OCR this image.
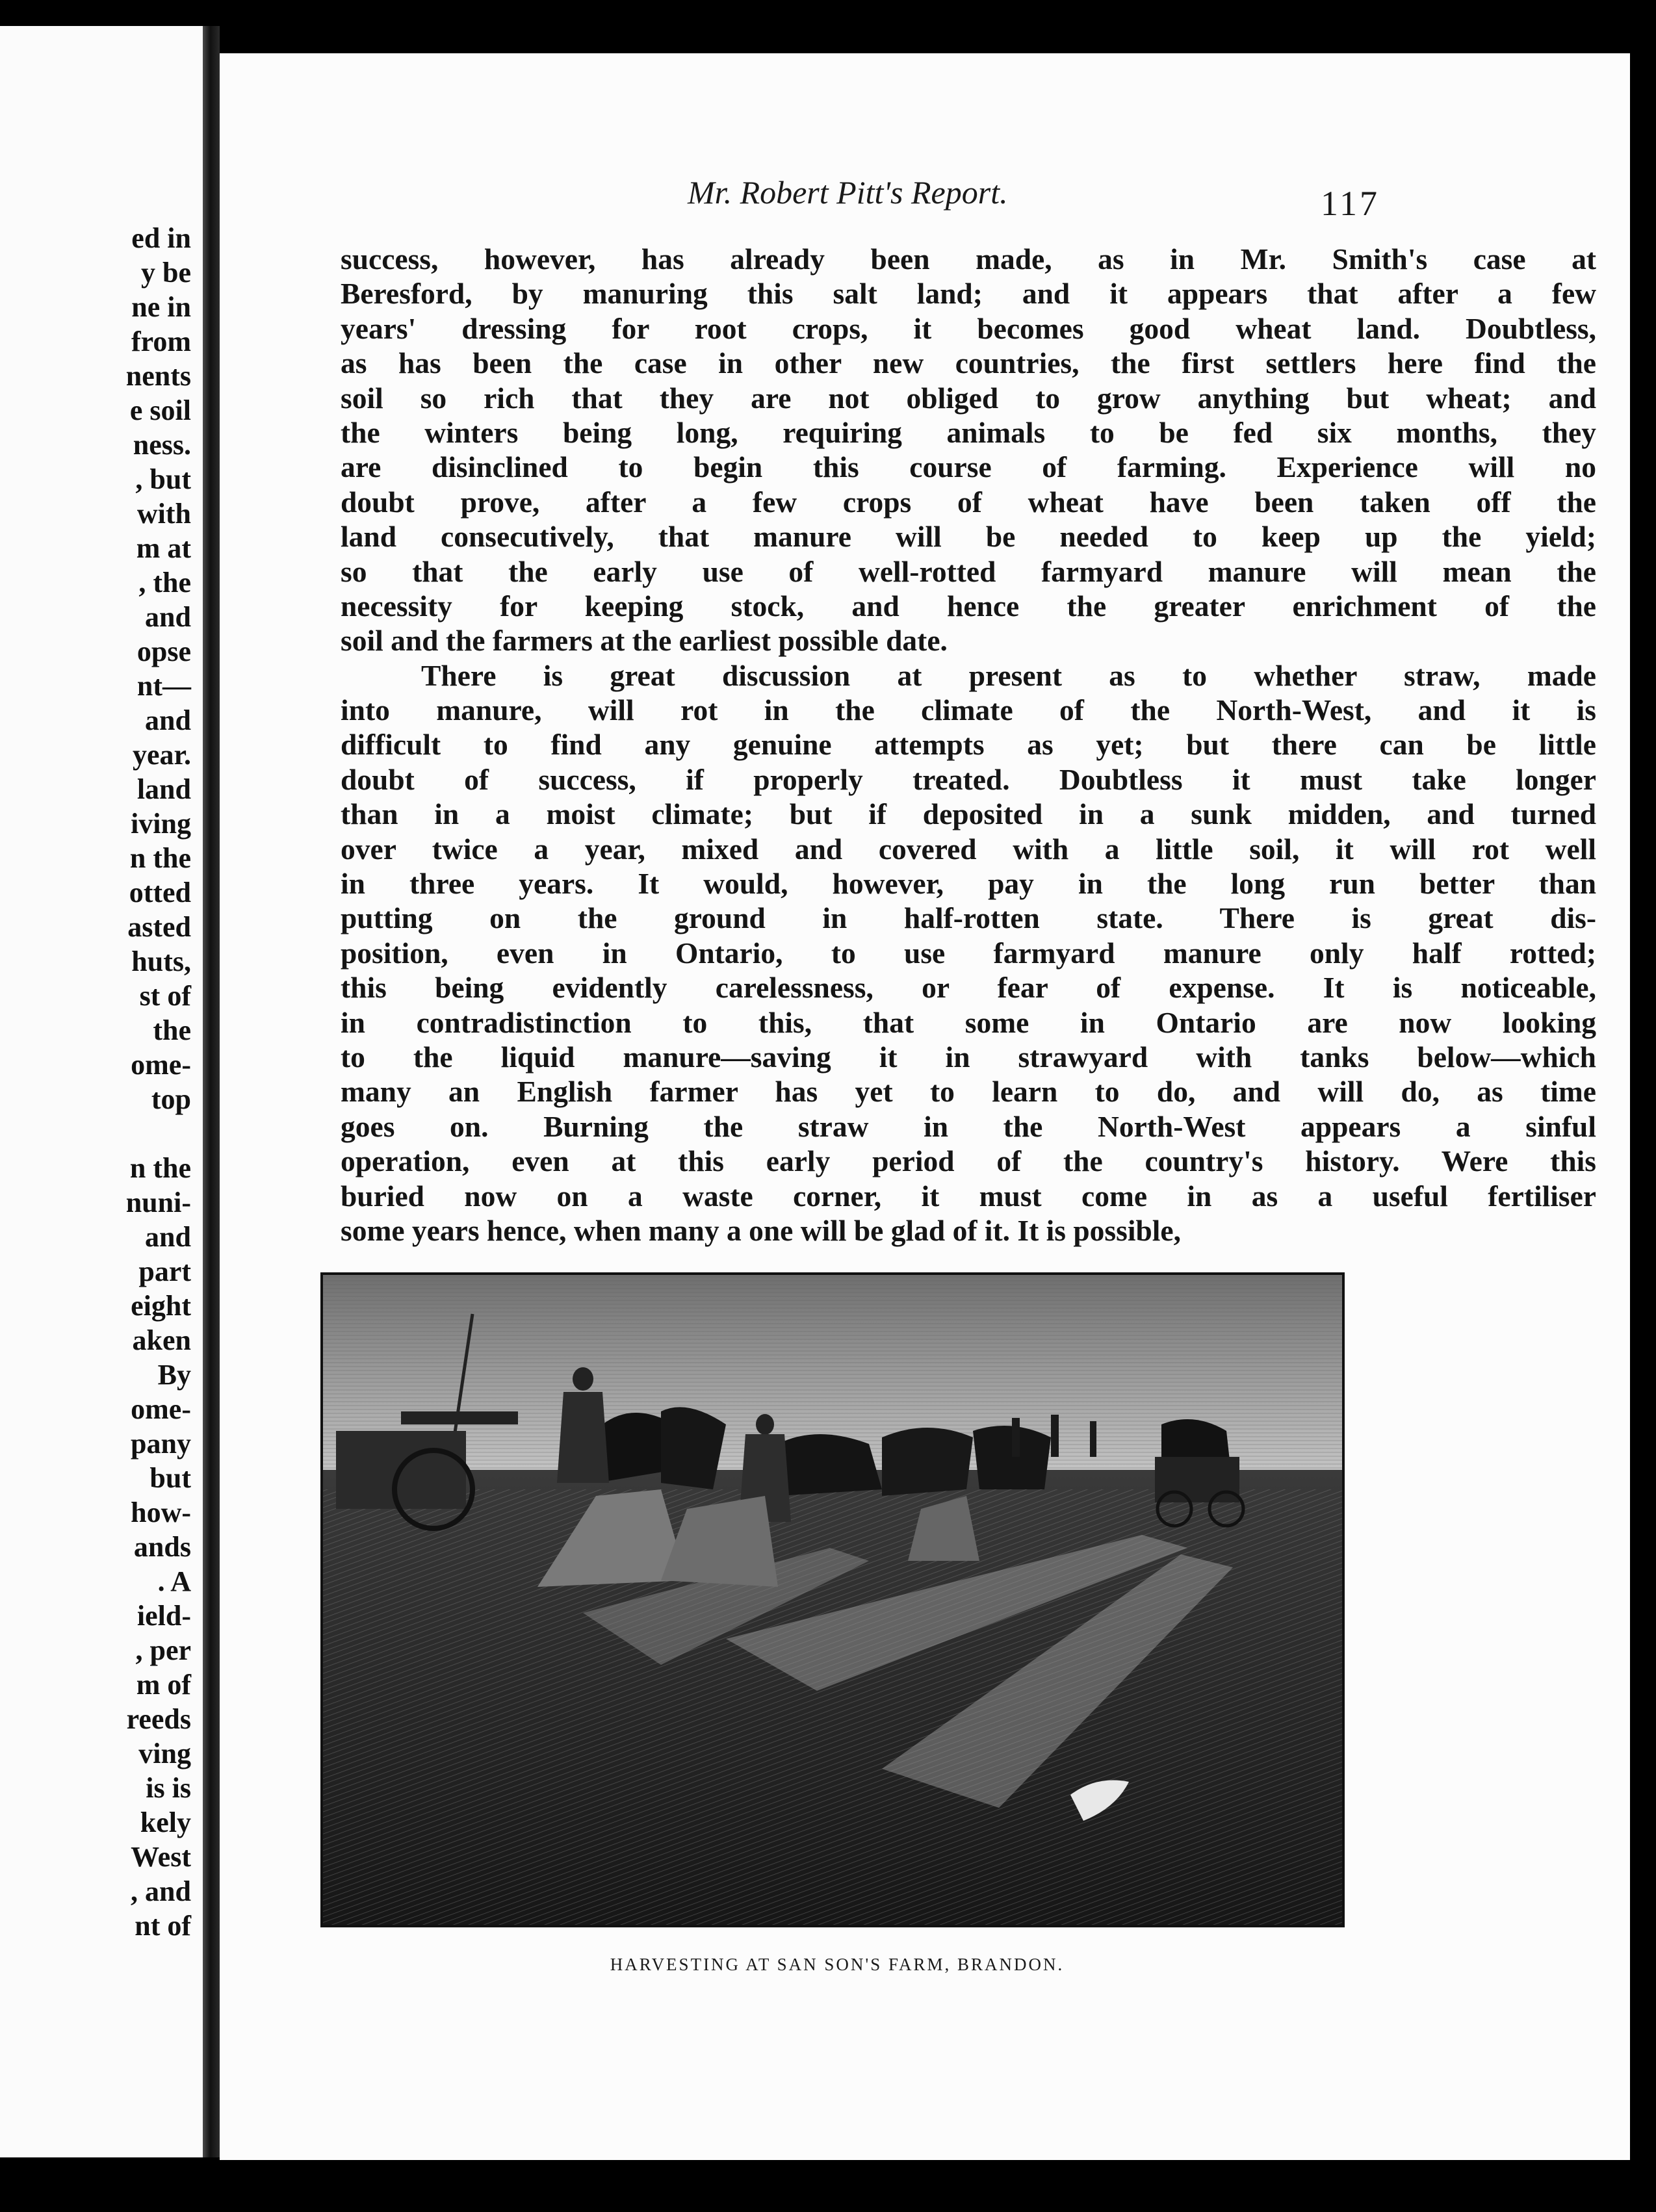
ed in
y be
ne in
from
nents
e soil
ness.
, but
with
m at
, the
and
opse
nt—
and
year.
land
iving
n the
otted
asted
huts,
st of
the
ome-
top
n the
nuni-
and
part
eight
aken
By
ome-
pany
but
how-
ands
. A
ield-
, per
m of
reeds
ving
is is
kely
West
, and
nt of

Mr. Robert Pitt's Report.	117

success, however, has already been made, as in Mr. Smith's case at
Beresford, by manuring this salt land; and it appears that after a few
years' dressing for root crops, it becomes good wheat land. Doubtless,
as has been the case in other new countries, the first settlers here find the
soil so rich that they are not obliged to grow anything but wheat; and
the winters being long, requiring animals to be fed six months, they
are disinclined to begin this course of farming. Experience will no
doubt prove, after a few crops of wheat have been taken off the
land consecutively, that manure will be needed to keep up the yield;
so that the early use of well-rotted farmyard manure will mean the
necessity for keeping stock, and hence the greater enrichment of the
soil and the farmers at the earliest possible date.
There is great discussion at present as to whether straw, made
into manure, will rot in the climate of the North-West, and it is
difficult to find any genuine attempts as yet; but there can be little
doubt of success, if properly treated. Doubtless it must take longer
than in a moist climate; but if deposited in a sunk midden, and turned
over twice a year, mixed and covered with a little soil, it will rot well
in three years. It would, however, pay in the long run better than
putting on the ground in half-rotten state. There is great dis-
position, even in Ontario, to use farmyard manure only half rotted;
this being evidently carelessness, or fear of expense. It is noticeable,
in contradistinction to this, that some in Ontario are now looking
to the liquid manure—saving it in strawyard with tanks below—which
many an English farmer has yet to learn to do, and will do, as time
goes on. Burning the straw in the North-West appears a sinful
operation, even at this early period of the country's history. Were this
buried now on a waste corner, it must come in as a useful fertiliser
some years hence, when many a one will be glad of it. It is possible,

HARVESTING AT SAN SON'S FARM, BRANDON.
